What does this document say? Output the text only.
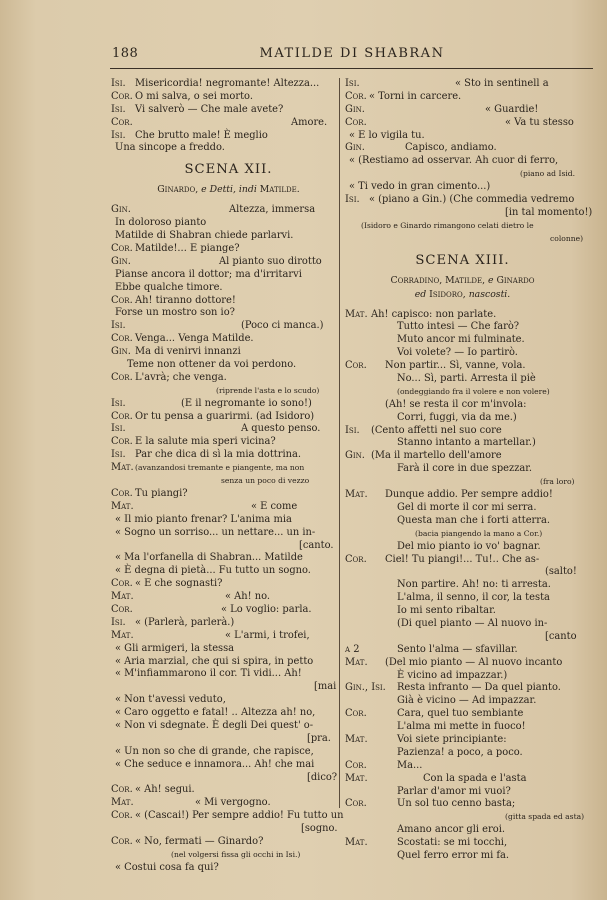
188	MATILDE DI SHABRAN
Isi. Misericordia! negromante! Altezza...
Cor. O mi salva, o sei morto.
Isi. Vi salverò — Che male avete?
Cor.	Amore.
Isi. Che brutto male! È meglio
Una sincope a freddo.
SCENA XII.
Ginardo, e Detti, indi Matilde.
Gin.	Altezza, immersa
In doloroso pianto
Matilde di Shabran chiede parlarvi.
Cor. Matilde!... E piange?
Gin.	Al pianto suo dirotto
Pianse ancora il dottor; ma d'irritarvi
Ebbe qualche timore.
Cor. Ah! tiranno dottore!
Forse un mostro son io?
Isi.	(Poco ci manca.)
Cor. Venga... Venga Matilde.
Gin. Ma di venirvi innanzi
Teme non ottener da voi perdono.
Cor. L'avrà; che venga.
(riprende l'asta e lo scudo)
Isi.	(E il negromante io sono!)
Cor. Or tu pensa a guarirmi. (ad Isidoro)
Isi.	A questo penso.
Cor. E la salute mia speri vicina?
Isi. Par che dica di sì la mia dottrina.
Mat. (avanzandosi tremante e piangente, ma non
senza un poco di vezzo
Cor. Tu piangi?
Mat.	« E come
« Il mio pianto frenar? L'anima mia
« Sogno un sorriso... un nettare... un in-
[canto.
« Ma l'orfanella di Shabran... Matilde
« È degna di pietà... Fu tutto un sogno.
Cor. « E che sognasti?
Mat.	« Ah! no.
Cor.	« Lo voglio: parla.
Isi. « (Parlerà, parlerà.)
Mat.	« L'armi, i trofei,
« Gli armigeri, la stessa
« Aria marzial, che qui si spira, in petto
« M'infiammarono il cor. Ti vidi... Ah!
[mai
« Non t'avessi veduto,
« Caro oggetto e fatal! .. Altezza ah! no,
« Non vi sdegnate. È degli Dei quest' o-
[pra.
« Un non so che di grande, che rapisce,
« Che seduce e innamora... Ah! che mai
[dico?
Cor. « Ah! segui.
Mat.	« Mi vergogno.
Cor. « (Cascai!) Per sempre addio! Fu tutto un
[sogno.
Cor. « No, fermati — Ginardo?
(nel volgersi fissa gli occhi in Isi.)
« Costui cosa fa qui?
Isi.	« Sto in sentinell a
Cor. « Torni in carcere.
Gin.	« Guardie!
Cor.	« Va tu stesso
« E lo vigila tu.
Gin.	Capisco, andiamo.
« (Restiamo ad osservar. Ah cuor di ferro,
(piano ad Isid.
« Ti vedo in gran cimento...)
Isi. « (piano a Gin.) (Che commedia vedremo
[in tal momento!)
(Isidoro e Ginardo rimangono celati dietro le
colonne)
SCENA XIII.
Corradino, Matilde, e Ginardo
ed Isidoro, nascosti.
Mat. Ah! capisco: non parlate.
Tutto intesi — Che farò?
Muto ancor mi fulminate.
Voi volete? — Io partirò.
Cor. Non partir... Sì, vanne, vola.
No... Sì, parti. Arresta il piè
(ondeggiando fra il volere e non volere)
(Ah! se resta il cor m'invola:
Corri, fuggi, via da me.)
Isi. (Cento affetti nel suo core
Stanno intanto a martellar.)
Gin. (Ma il martello dell'amore
Farà il core in due spezzar.
(fra loro)
Mat. Dunque addio. Per sempre addio!
Gel di morte il cor mi serra.
Questa man che i forti atterra.
(bacia piangendo la mano a Cor.)
Del mio pianto io vo' bagnar.
Cor. Ciel! Tu piangi!... Tu!.. Che as-
(salto!
Non partire. Ah! no: ti arresta.
L'alma, il senno, il cor, la testa
Io mi sento ribaltar.
(Di quel pianto — Al nuovo in-
[canto
a 2	Sento l'alma — sfavillar.
Mat. (Del mio pianto — Al nuovo incanto
È vicino ad impazzar.)
Gin., Isi. Resta infranto — Da quel pianto.
Già è vicino — Ad impazzar.
Cor.	Cara, quel tuo sembiante
L'alma mi mette in fuoco!
Mat.	Voi siete principiante:
Pazienza! a poco, a poco.
Cor.	Ma...
Mat.	Con la spada e l'asta
Parlar d'amor mi vuoi?
Cor.	Un sol tuo cenno basta;
(gitta spada ed asta)
Amano ancor gli eroi.
Mat.	Scostati: se mi tocchi,
Quel ferro error mi fa.
